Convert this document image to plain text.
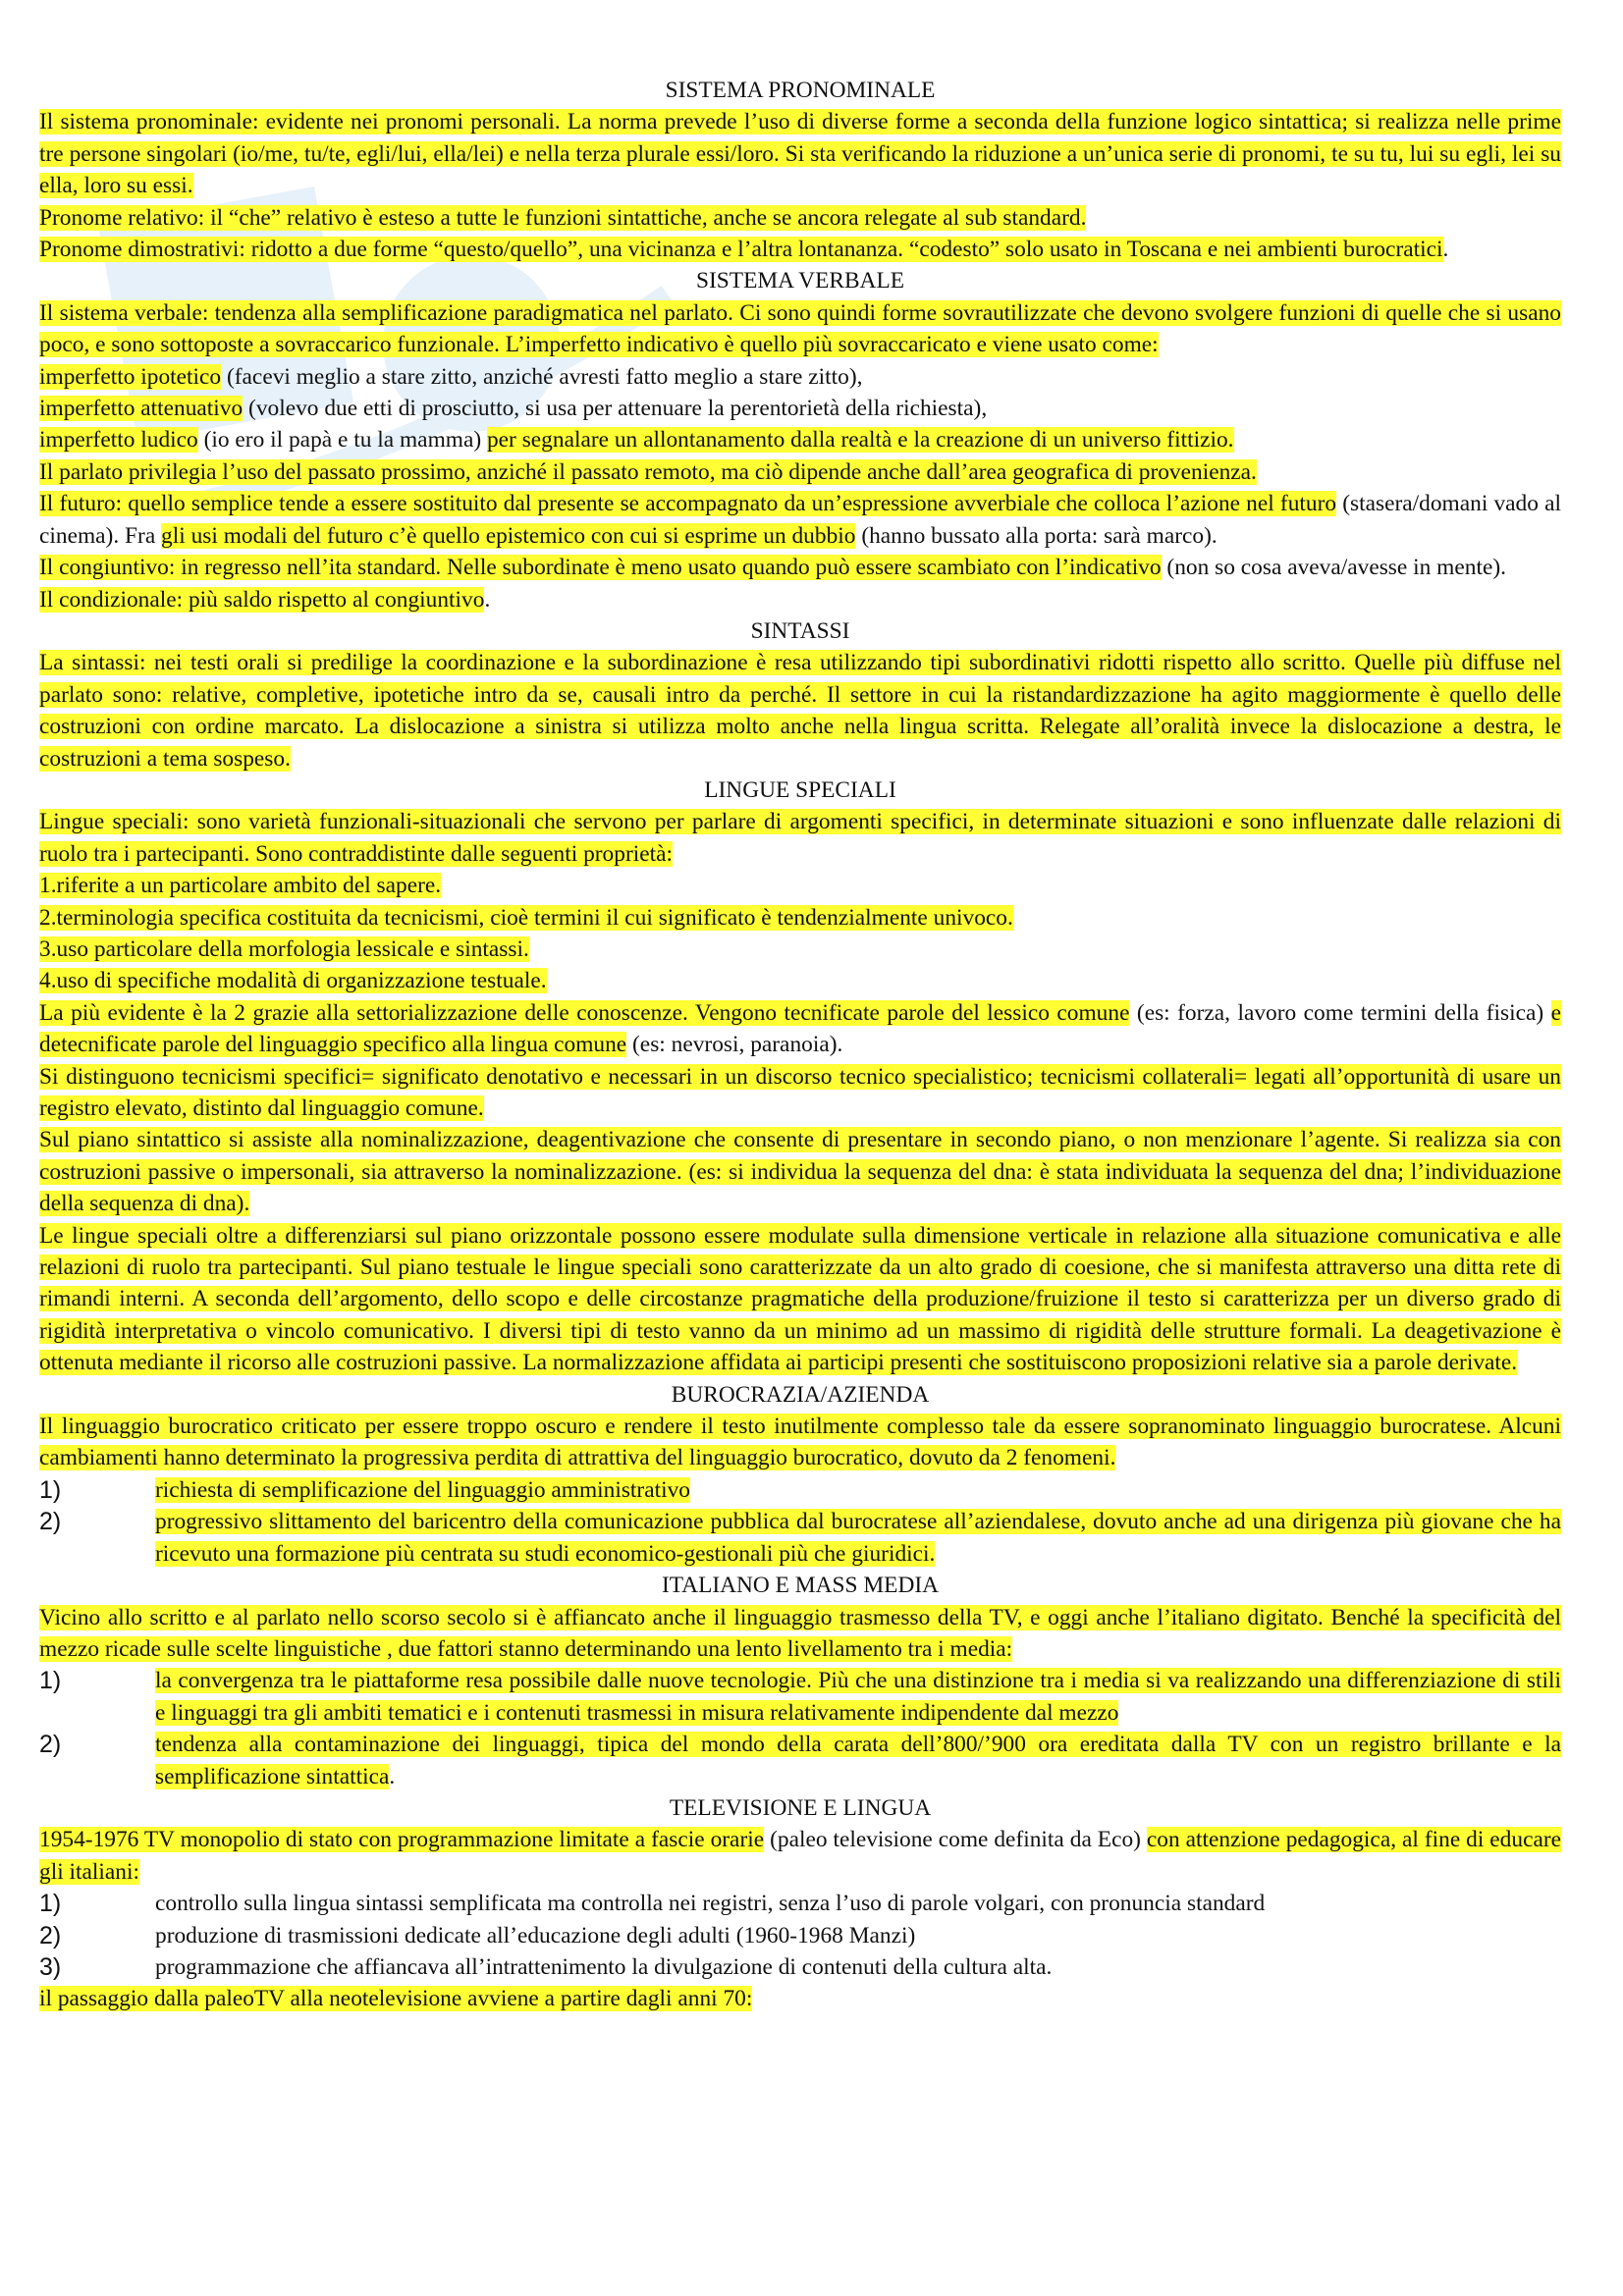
SISTEMA PRONOMINALE
Il sistema pronominale: evidente nei pronomi personali. La norma prevede l’uso di diverse forme a seconda della funzione logico sintattica; si realizza nelle prime tre persone singolari (io/me, tu/te, egli/lui, ella/lei) e nella terza plurale essi/loro. Si sta verificando la riduzione a un’unica serie di pronomi, te su tu, lui su egli, lei su ella, loro su essi.
Pronome relativo: il “che” relativo è esteso a tutte le funzioni sintattiche, anche se ancora relegate al sub standard.
Pronome dimostrativi: ridotto a due forme “questo/quello”, una vicinanza e l’altra lontananza. “codesto” solo usato in Toscana e nei ambienti burocratici.
SISTEMA VERBALE
Il sistema verbale: tendenza alla semplificazione paradigmatica nel parlato. Ci sono quindi forme sovrautilizzate che devono svolgere funzioni di quelle che si usano poco, e sono sottoposte a sovraccarico funzionale. L’imperfetto indicativo è quello più sovraccaricato e viene usato come:
imperfetto ipotetico (facevi meglio a stare zitto, anziché avresti fatto meglio a stare zitto),
imperfetto attenuativo (volevo due etti di prosciutto, si usa per attenuare la perentorietà della richiesta),
imperfetto ludico (io ero il papà e tu la mamma) per segnalare un allontanamento dalla realtà e la creazione di un universo fittizio.
Il parlato privilegia l’uso del passato prossimo, anziché il passato remoto, ma ciò dipende anche dall’area geografica di provenienza.
Il futuro: quello semplice tende a essere sostituito dal presente se accompagnato da un’espressione avverbiale che colloca l’azione nel futuro (stasera/domani vado al cinema). Fra gli usi modali del futuro c’è quello epistemico con cui si esprime un dubbio (hanno bussato alla porta: sarà marco).
Il congiuntivo: in regresso nell’ita standard. Nelle subordinate è meno usato quando può essere scambiato con l’indicativo (non so cosa aveva/avesse in mente).
Il condizionale: più saldo rispetto al congiuntivo.
SINTASSI
La sintassi: nei testi orali si predilige la coordinazione e la subordinazione è resa utilizzando tipi subordinativi ridotti rispetto allo scritto. Quelle più diffuse nel parlato sono: relative, completive, ipotetiche intro da se, causali intro da perché. Il settore in cui la ristandardizzazione ha agito maggiormente è quello delle costruzioni con ordine marcato. La dislocazione a sinistra si utilizza molto anche nella lingua scritta. Relegate all’oralità invece la dislocazione a destra, le costruzioni a tema sospeso.
LINGUE SPECIALI
Lingue speciali: sono varietà funzionali-situazionali che servono per parlare di argomenti specifici, in determinate situazioni e sono influenzate dalle relazioni di ruolo tra i partecipanti. Sono contraddistinte dalle seguenti proprietà:
1.riferite a un particolare ambito del sapere.
2.terminologia specifica costituita da tecnicismi, cioè termini il cui significato è tendenzialmente univoco.
3.uso particolare della morfologia lessicale e sintassi.
4.uso di specifiche modalità di organizzazione testuale.
La più evidente è la 2 grazie alla settorializzazione delle conoscenze. Vengono tecnificate parole del lessico comune (es: forza, lavoro come termini della fisica) e detecnificate parole del linguaggio specifico alla lingua comune (es: nevrosi, paranoia).
Si distinguono tecnicismi specifici= significato denotativo e necessari in un discorso tecnico specialistico; tecnicismi collaterali= legati all’opportunità di usare un registro elevato, distinto dal linguaggio comune.
Sul piano sintattico si assiste alla nominalizzazione, deagentivazione che consente di presentare in secondo piano, o non menzionare l’agente. Si realizza sia con costruzioni passive o impersonali, sia attraverso la nominalizzazione. (es: si individua la sequenza del dna: è stata individuata la sequenza del dna; l’individuazione della sequenza di dna).
Le lingue speciali oltre a differenziarsi sul piano orizzontale possono essere modulate sulla dimensione verticale in relazione alla situazione comunicativa e alle relazioni di ruolo tra partecipanti. Sul piano testuale le lingue speciali sono caratterizzate da un alto grado di coesione, che si manifesta attraverso una ditta rete di rimandi interni. A seconda dell’argomento, dello scopo e delle circostanze pragmatiche della produzione/fruizione il testo si caratterizza per un diverso grado di rigidità interpretativa o vincolo comunicativo. I diversi tipi di testo vanno da un minimo ad un massimo di rigidità delle strutture formali. La deagetivazione è ottenuta mediante il ricorso alle costruzioni passive. La normalizzazione affidata ai participi presenti che sostituiscono proposizioni relative sia a parole derivate.
BUROCRAZIA/AZIENDA
Il linguaggio burocratico criticato per essere troppo oscuro e rendere il testo inutilmente complesso tale da essere sopranominato linguaggio burocratese. Alcuni cambiamenti hanno determinato la progressiva perdita di attrattiva del linguaggio burocratico, dovuto da 2 fenomeni.
1)	richiesta di semplificazione del linguaggio amministrativo
2)	progressivo slittamento del baricentro della comunicazione pubblica dal burocratese all’aziendalese, dovuto anche ad una dirigenza più giovane che ha ricevuto una formazione più centrata su studi economico-gestionali più che giuridici.
ITALIANO E MASS MEDIA
Vicino allo scritto e al parlato nello scorso secolo si è affiancato anche il linguaggio trasmesso della TV, e oggi anche l’italiano digitato. Benché la specificità del mezzo ricade sulle scelte linguistiche , due fattori stanno determinando una lento livellamento tra i media:
1)	la convergenza tra le piattaforme resa possibile dalle nuove tecnologie. Più che una distinzione tra i media si va realizzando una differenziazione di stili e linguaggi tra gli ambiti tematici e i contenuti trasmessi in misura relativamente indipendente dal mezzo
2)	tendenza alla contaminazione dei linguaggi, tipica del mondo della carata dell’800/’900 ora ereditata dalla TV con un registro brillante e la semplificazione sintattica.
TELEVISIONE E LINGUA
1954-1976 TV monopolio di stato con programmazione limitate a fascie orarie (paleo televisione come definita da Eco) con attenzione pedagogica, al fine di educare gli italiani:
1)	controllo sulla lingua sintassi semplificata ma controlla nei registri, senza l’uso di parole volgari, con pronuncia standard
2)	produzione di trasmissioni dedicate all’educazione degli adulti (1960-1968 Manzi)
3)	programmazione che affiancava all’intrattenimento la divulgazione di contenuti della cultura alta.
il passaggio dalla paleoTV alla neotelevisione avviene a partire dagli anni 70:
